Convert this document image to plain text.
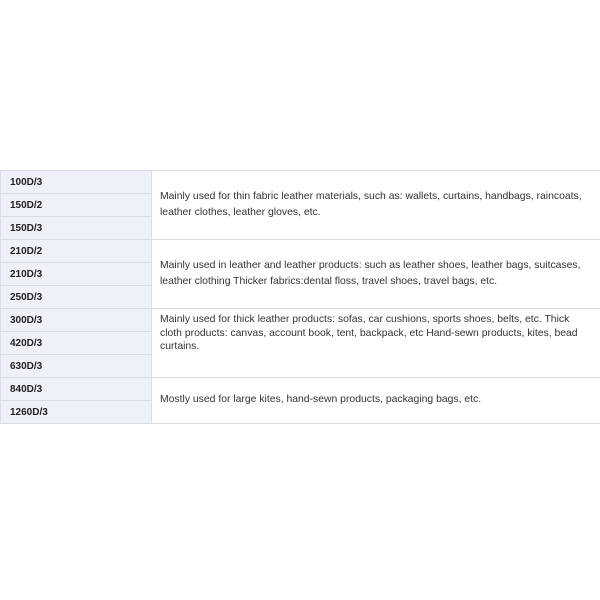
100D/3	Mainly used for thin fabric leather materials, such as: wallets, curtains, handbags, raincoats, leather clothes, leather gloves, etc.
150D/2	
150D/3	
210D/2	Mainly used in leather and leather products: such as leather shoes, leather bags, suitcases, leather clothing Thicker fabrics:dental floss, travel shoes, travel bags, etc.
210D/3	
250D/3	
300D/3	Mainly used for thick leather products: sofas, car cushions, sports shoes, belts, etc. Thick cloth products: canvas, account book, tent, backpack, etc Hand-sewn products, kites, bead curtains.
420D/3	
630D/3	
840D/3	Mostly used for large kites, hand-sewn products, packaging bags, etc.
1260D/3	
